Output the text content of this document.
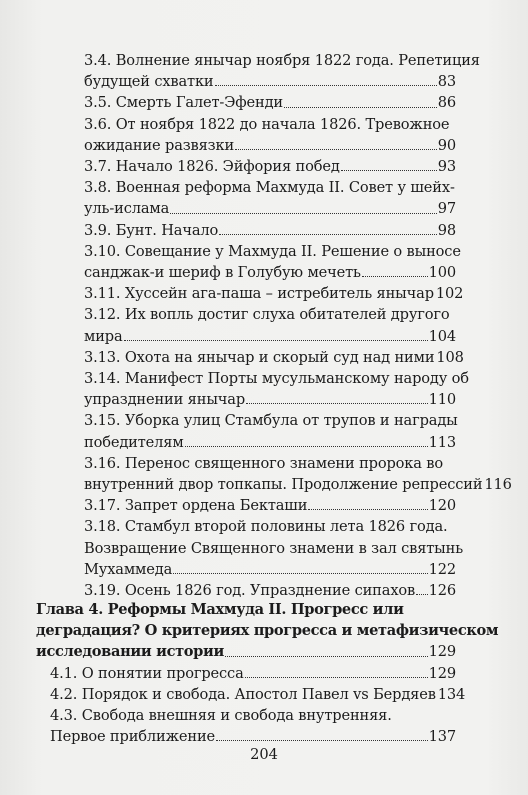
3.4. Волнение янычар ноября 1822 года. Репетиция
будущей схватки	83
3.5. Смерть Галет-Эфенди	86
3.6. От ноября 1822 до начала 1826. Тревожное
ожидание развязки	90
3.7. Начало 1826. Эйфория побед	93
3.8. Военная реформа Махмуда II. Совет у шейх-
уль-ислама	97
3.9. Бунт. Начало	98
3.10. Совещание у Махмуда II. Решение о выносе
санджак-и шериф в Голубую мечеть	100
3.11. Хуссейн ага-паша – истребитель янычар 102
3.12. Их вопль достиг слуха обитателей другого
мира	104
3.13. Охота на янычар и скорый суд над ними 108
3.14. Манифест Порты мусульманскому народу об
упразднении янычар	110
3.15. Уборка улиц Стамбула от трупов и награды
победителям	113
3.16. Перенос священного знамени пророка во
внутренний двор топкапы. Продолжение репрессий 116
3.17. Запрет ордена Бекташи	120
3.18. Стамбул второй половины лета 1826 года.
Возвращение Священного знамени в зал святынь
Мухаммеда	122
3.19. Осень 1826 год. Упразднение сипахов 126
Глава 4. Реформы Махмуда II. Прогресс или
деградация? О критериях прогресса и метафизическом
исследовании истории	129
4.1. О понятии прогресса	129
4.2. Порядок и свобода. Апостол Павел vs Бердяев 134
4.3. Свобода внешняя и свобода внутренняя.
Первое приближение	137
204
